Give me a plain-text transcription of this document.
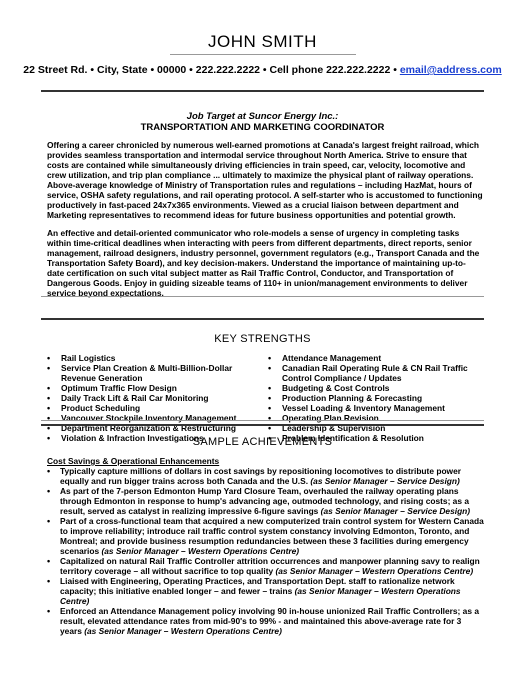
JOHN SMITH
22 Street Rd. • City, State • 00000 • 222.222.2222 • Cell phone 222.222.2222 • email@address.com
Job Target at Suncor Energy Inc.:
TRANSPORTATION AND MARKETING COORDINATOR

Offering a career chronicled by numerous well-earned promotions at Canada's largest freight railroad, which provides seamless transportation and intermodal service throughout North America. Strive to ensure that costs are contained while simultaneously driving efficiencies in train speed, car, velocity, locomotive and crew utilization, and trip plan compliance ... ultimately to maximize the physical plant of railway operations. Above-average knowledge of Ministry of Transportation rules and regulations – including HazMat, hours of service, OSHA safety regulations, and rail operating protocol. A self-starter who is accustomed to functioning productively in fast-paced 24x7x365 environments. Viewed as a crucial liaison between department and Marketing representatives to recommend ideas for future business opportunities and potential growth.

An effective and detail-oriented communicator who role-models a sense of urgency in completing tasks within time-critical deadlines when interacting with peers from different departments, direct reports, senior management, railroad designers, industry personnel, government regulators (e.g., Transport Canada and the Transportation Safety Board), and key decision-makers. Understand the importance of maintaining up-to-date certification on such vital subject matter as Rail Traffic Control, Conductor, and Transportation of Dangerous Goods. Enjoy in guiding sizeable teams of 110+ in union/management environments to deliver service beyond expectations.

KEY STRENGTHS
• Rail Logistics
• Service Plan Creation & Multi-Billion-Dollar Revenue Generation
• Optimum Traffic Flow Design
• Daily Track Lift & Rail Car Monitoring
• Product Scheduling
• Vancouver Stockpile Inventory Management
• Department Reorganization & Restructuring
• Violation & Infraction Investigations
• Attendance Management
• Canadian Rail Operating Rule & CN Rail Traffic Control Compliance / Updates
• Budgeting & Cost Controls
• Production Planning & Forecasting
• Vessel Loading & Inventory Management
• Operating Plan Revision
• Leadership & Supervision
• Problem Identification & Resolution
SAMPLE ACHIEVEMENTS
Cost Savings & Operational Enhancements
• Typically capture millions of dollars in cost savings by repositioning locomotives to distribute power equally and run bigger trains across both Canada and the U.S. (as Senior Manager – Service Design)
• As part of the 7-person Edmonton Hump Yard Closure Team, overhauled the railway operating plans through Edmonton in response to hump's advancing age, outmoded technology, and rising costs; as a result, served as catalyst in realizing impressive 6-figure savings (as Senior Manager – Service Design)
• Part of a cross-functional team that acquired a new computerized train control system for Western Canada to improve reliability; introduce rail traffic control system constancy involving Edmonton, Toronto, and Montreal; and provide business resumption redundancies between these 3 facilities during emergency scenarios (as Senior Manager – Western Operations Centre)
• Capitalized on natural Rail Traffic Controller attrition occurrences and manpower planning savy to realign territory coverage – all without sacrifice to top quality (as Senior Manager – Western Operations Centre)
• Liaised with Engineering, Operating Practices, and Transportation Dept. staff to rationalize network capacity; this initiative enabled longer – and fewer – trains (as Senior Manager – Western Operations Centre)
• Enforced an Attendance Management policy involving 90 in-house unionized Rail Traffic Controllers; as a result, elevated attendance rates from mid-90's to 99% - and maintained this above-average rate for 3 years (as Senior Manager – Western Operations Centre)
